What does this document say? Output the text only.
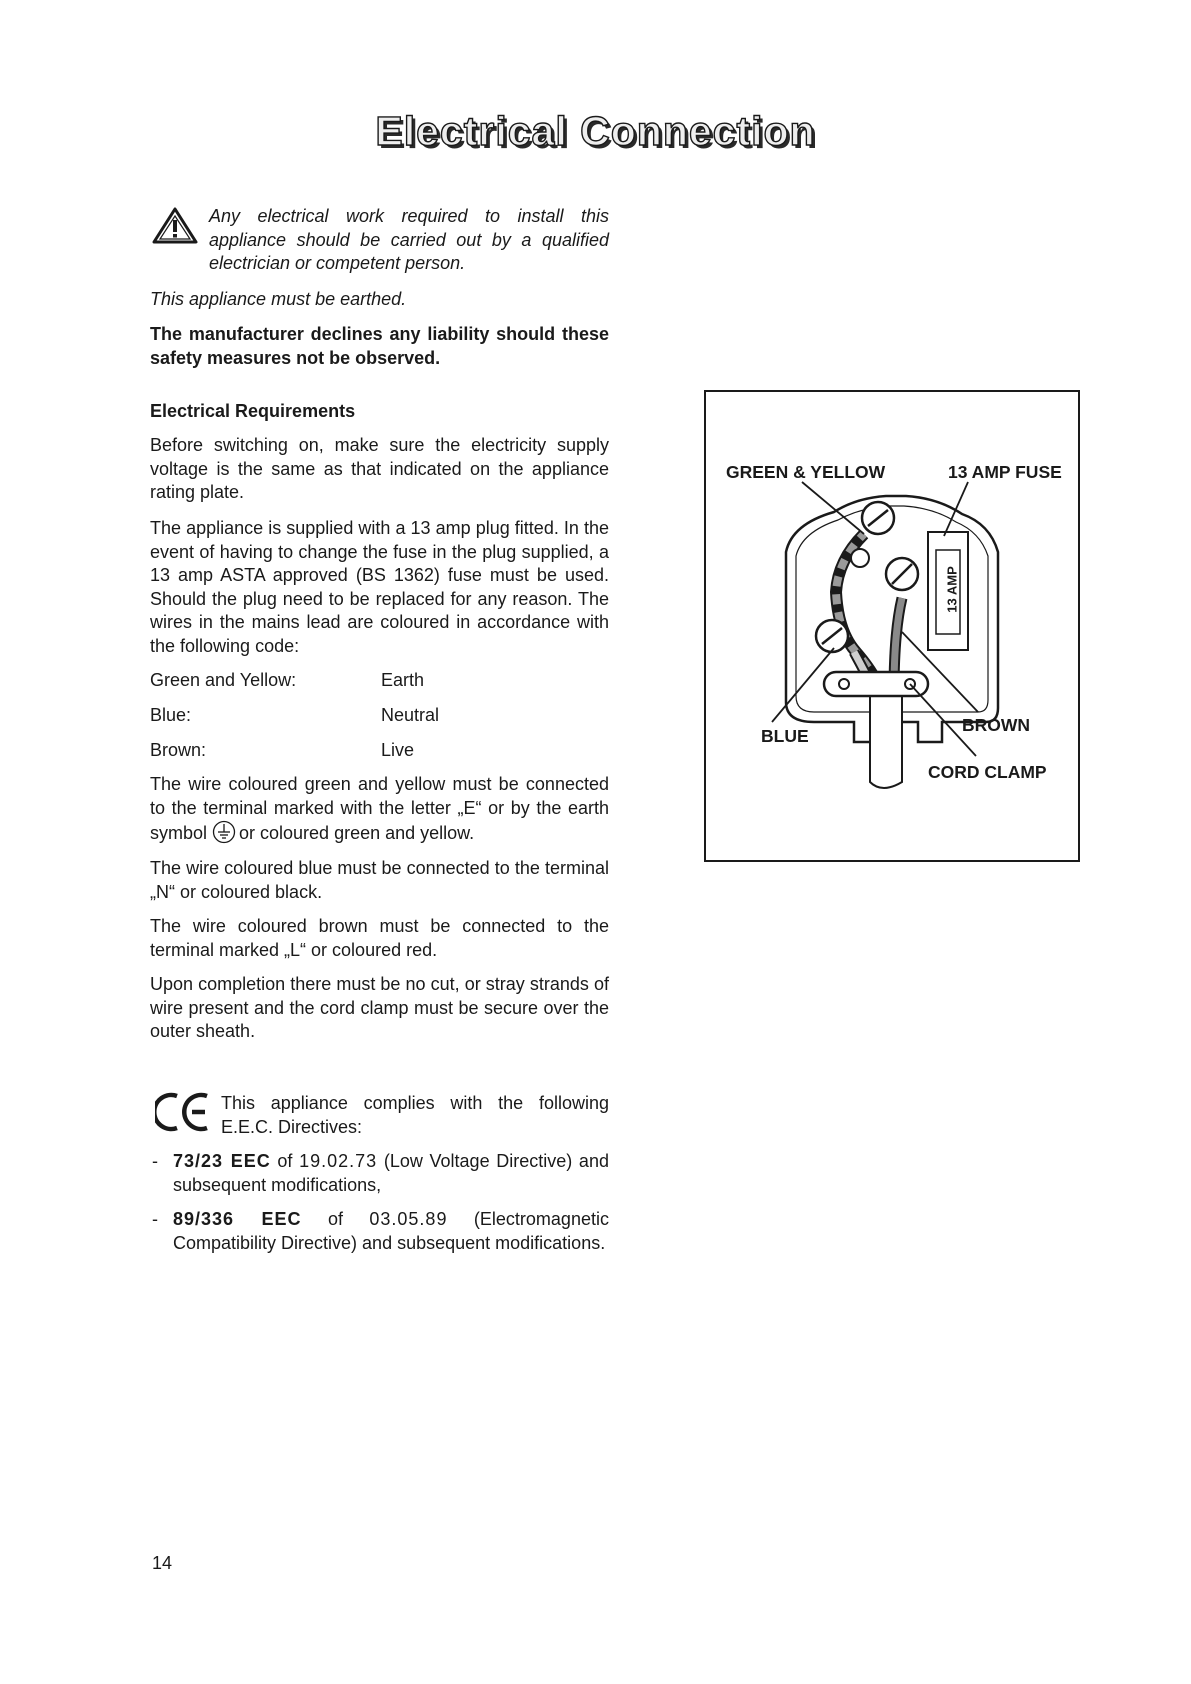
Electrical Connection
Any electrical work required to install this appliance should be carried out by a qualified electrician or competent person.

This appliance must be earthed.

The manufacturer declines any liability should these safety measures not be observed.

Electrical Requirements

Before switching on, make sure the electricity supply voltage is the same as that indicated on the appliance rating plate.

The appliance is supplied with a 13 amp plug fitted. In the event of having to change the fuse in the plug supplied, a 13 amp ASTA approved (BS 1362) fuse must be used. Should the plug need to be replaced for any reason. The wires in the mains lead are coloured in accordance with the following code:

Green and Yellow:	Earth
Blue:	Neutral
Brown:	Live

The wire coloured green and yellow must be connected to the terminal marked with the letter „E“ or by the earth symbol or coloured green and yellow.

The wire coloured blue must be connected to the terminal „N“ or coloured black.

The wire coloured brown must be connected to the terminal marked „L“ or coloured red.

Upon completion there must be no cut, or stray strands of wire present and the cord clamp must be secure over the outer sheath.

This appliance complies with the following E.E.C. Directives:
- 73/23 EEC of 19.02.73 (Low Voltage Directive) and subsequent modifications,
- 89/336 EEC of 03.05.89 (Electromagnetic Compatibility Directive) and subsequent modifications.
GREEN & YELLOW	13 AMP FUSE
13 AMP
BLUE
BROWN
CORD CLAMP
14
